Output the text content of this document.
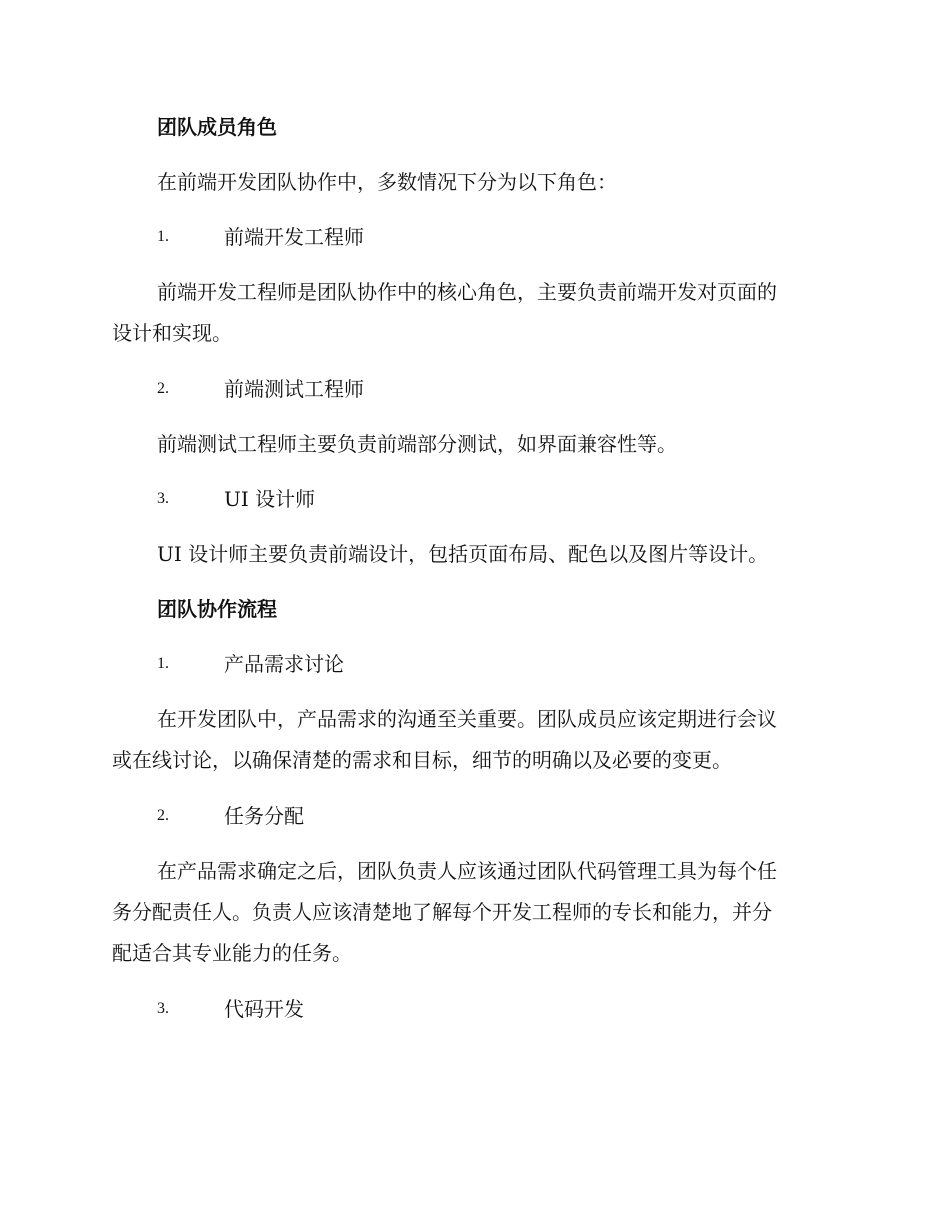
团队成员角色
在前端开发团队协作中，多数情况下分为以下角色：
1.	前端开发工程师
前端开发工程师是团队协作中的核心角色，主要负责前端开发对页面的
设计和实现。
2.	前端测试工程师
前端测试工程师主要负责前端部分测试，如界面兼容性等。
3.	UI 设计师
UI 设计师主要负责前端设计，包括页面布局、配色以及图片等设计。
团队协作流程
1.	产品需求讨论
在开发团队中，产品需求的沟通至关重要。团队成员应该定期进行会议
或在线讨论，以确保清楚的需求和目标，细节的明确以及必要的变更。
2.	任务分配
在产品需求确定之后，团队负责人应该通过团队代码管理工具为每个任
务分配责任人。负责人应该清楚地了解每个开发工程师的专长和能力，并分
配适合其专业能力的任务。
3.	代码开发
